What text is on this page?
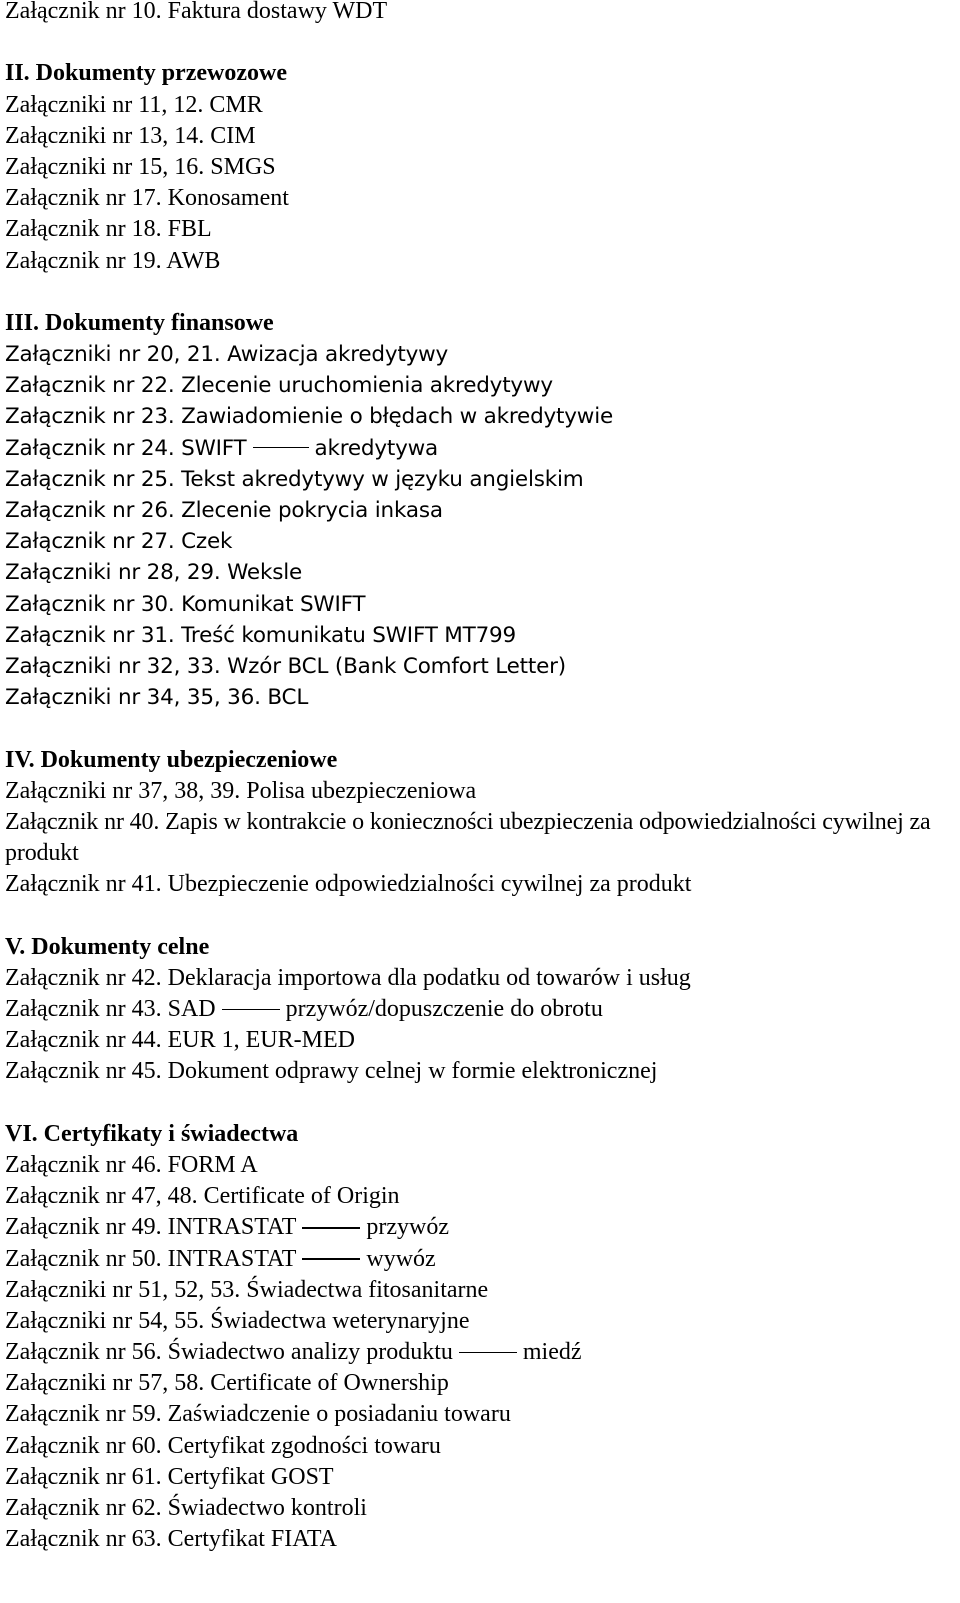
Załącznik nr 10. Faktura dostawy WDT
II. Dokumenty przewozowe
Załączniki nr 11, 12. CMR
Załączniki nr 13, 14. CIM
Załączniki nr 15, 16. SMGS
Załącznik nr 17. Konosament
Załącznik nr 18. FBL
Załącznik nr 19. AWB
III. Dokumenty finansowe
Załączniki nr 20, 21. Awizacja akredytywy
Załącznik nr 22. Zlecenie uruchomienia akredytywy
Załącznik nr 23. Zawiadomienie o błędach w akredytywie
Załącznik nr 24. SWIFT	akredytywa
Załącznik nr 25. Tekst akredytywy w języku angielskim
Załącznik nr 26. Zlecenie pokrycia inkasa
Załącznik nr 27. Czek
Załączniki nr 28, 29. Weksle
Załącznik nr 30. Komunikat SWIFT
Załącznik nr 31. Treść komunikatu SWIFT MT799
Załączniki nr 32, 33. Wzór BCL (Bank Comfort Letter)
Załączniki nr 34, 35, 36. BCL
IV. Dokumenty ubezpieczeniowe
Załączniki nr 37, 38, 39. Polisa ubezpieczeniowa
Załącznik nr 40. Zapis w kontrakcie o konieczności ubezpieczenia odpowiedzialności cywilnej za produkt
Załącznik nr 41. Ubezpieczenie odpowiedzialności cywilnej za produkt
V. Dokumenty celne
Załącznik nr 42. Deklaracja importowa dla podatku od towarów i usług
Załącznik nr 43. SAD	przywóz/dopuszczenie do obrotu
Załącznik nr 44. EUR 1, EUR-MED
Załącznik nr 45. Dokument odprawy celnej w formie elektronicznej
VI. Certyfikaty i świadectwa
Załącznik nr 46. FORM A
Załącznik nr 47, 48. Certificate of Origin
Załącznik nr 49. INTRASTAT	przywóz
Załącznik nr 50. INTRASTAT	wywóz
Załączniki nr 51, 52, 53. Świadectwa fitosanitarne
Załączniki nr 54, 55. Świadectwa weterynaryjne
Załącznik nr 56. Świadectwo analizy produktu	miedź
Załączniki nr 57, 58. Certificate of Ownership
Załącznik nr 59. Zaświadczenie o posiadaniu towaru
Załącznik nr 60. Certyfikat zgodności towaru
Załącznik nr 61. Certyfikat GOST
Załącznik nr 62. Świadectwo kontroli
Załącznik nr 63. Certyfikat FIATA
